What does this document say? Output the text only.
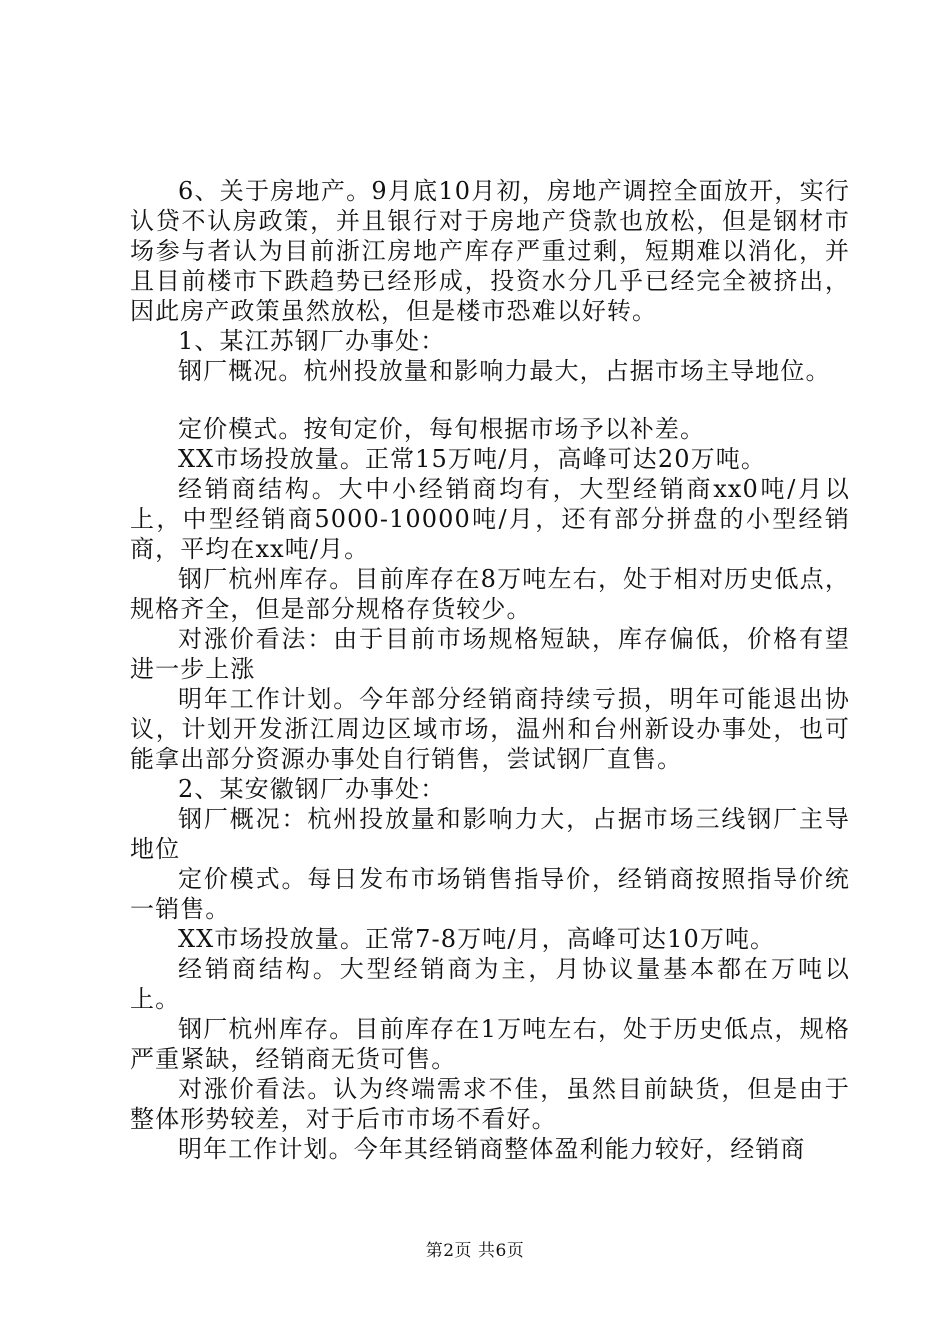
6、关于房地产。9月底10月初，房地产调控全面放开，实行认贷不认房政策，并且银行对于房地产贷款也放松，但是钢材市场参与者认为目前浙江房地产库存严重过剩，短期难以消化，并且目前楼市下跌趋势已经形成，投资水分几乎已经完全被挤出，因此房产政策虽然放松，但是楼市恐难以好转。

1、某江苏钢厂办事处：

钢厂概况。杭州投放量和影响力最大，占据市场主导地位。

定价模式。按旬定价，每旬根据市场予以补差。

XX市场投放量。正常15万吨/月，高峰可达20万吨。

经销商结构。大中小经销商均有，大型经销商xx0吨/月以上，中型经销商5000-10000吨/月，还有部分拼盘的小型经销商，平均在xx吨/月。

钢厂杭州库存。目前库存在8万吨左右，处于相对历史低点，规格齐全，但是部分规格存货较少。

对涨价看法：由于目前市场规格短缺，库存偏低，价格有望进一步上涨

明年工作计划。今年部分经销商持续亏损，明年可能退出协议，计划开发浙江周边区域市场，温州和台州新设办事处，也可能拿出部分资源办事处自行销售，尝试钢厂直售。

2、某安徽钢厂办事处：

钢厂概况：杭州投放量和影响力大，占据市场三线钢厂主导地位

定价模式。每日发布市场销售指导价，经销商按照指导价统一销售。

XX市场投放量。正常7-8万吨/月，高峰可达10万吨。

经销商结构。大型经销商为主，月协议量基本都在万吨以上。

钢厂杭州库存。目前库存在1万吨左右，处于历史低点，规格严重紧缺，经销商无货可售。

对涨价看法。认为终端需求不佳，虽然目前缺货，但是由于整体形势较差，对于后市市场不看好。

明年工作计划。今年其经销商整体盈利能力较好，经销商

第2页 共6页
